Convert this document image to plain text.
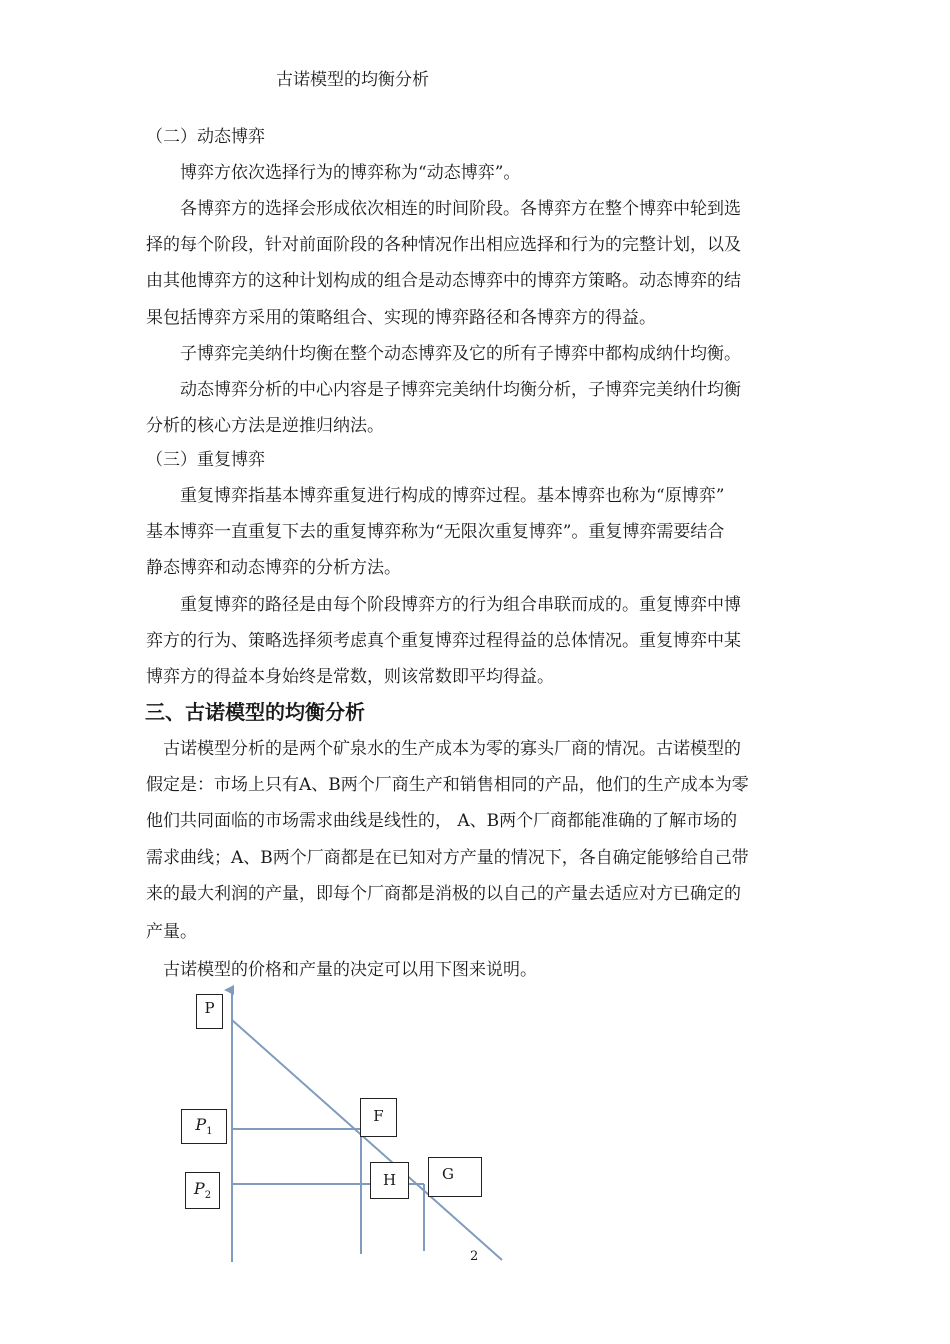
古诺模型的均衡分析
（二）动态博弈
　　博弈方依次选择行为的博弈称为“动态博弈”。
　　各博弈方的选择会形成依次相连的时间阶段。各博弈方在整个博弈中轮到选
择的每个阶段，针对前面阶段的各种情况作出相应选择和行为的完整计划，以及
由其他博弈方的这种计划构成的组合是动态博弈中的博弈方策略。动态博弈的结
果包括博弈方采用的策略组合、实现的博弈路径和各博弈方的得益。
　　子博弈完美纳什均衡在整个动态博弈及它的所有子博弈中都构成纳什均衡。
　　动态博弈分析的中心内容是子博弈完美纳什均衡分析，子博弈完美纳什均衡
分析的核心方法是逆推归纳法。
（三）重复博弈
　　重复博弈指基本博弈重复进行构成的博弈过程。基本博弈也称为“原博弈”
基本博弈一直重复下去的重复博弈称为“无限次重复博弈”。重复博弈需要结合
静态博弈和动态博弈的分析方法。
　　重复博弈的路径是由每个阶段博弈方的行为组合串联而成的。重复博弈中博
弈方的行为、策略选择须考虑真个重复博弈过程得益的总体情况。重复博弈中某
博弈方的得益本身始终是常数，则该常数即平均得益。
三、古诺模型的均衡分析
　古诺模型分析的是两个矿泉水的生产成本为零的寡头厂商的情况。古诺模型的
假定是：市场上只有A、B两个厂商生产和销售相同的产品，他们的生产成本为零
他们共同面临的市场需求曲线是线性的， A、B两个厂商都能准确的了解市场的
需求曲线；A、B两个厂商都是在已知对方产量的情况下，各自确定能够给自己带
来的最大利润的产量，即每个厂商都是消极的以自己的产量去适应对方已确定的
产量。
　古诺模型的价格和产量的决定可以用下图来说明。
P
$P_1$
$P_2$
F
H	G
2
